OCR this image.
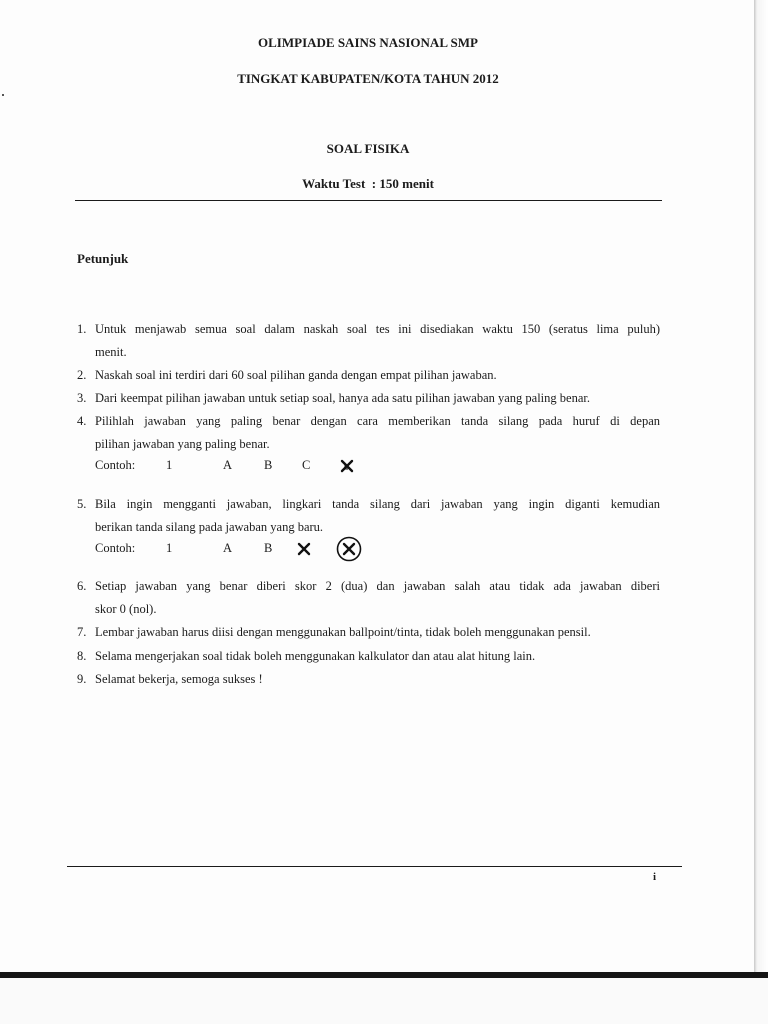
OLIMPIADE SAINS NASIONAL SMP
TINGKAT KABUPATEN/KOTA TAHUN 2012
SOAL FISIKA
Waktu Test  : 150 menit
Petunjuk
1. Untuk menjawab semua soal dalam naskah soal tes ini disediakan waktu 150 (seratus lima puluh)
menit.
2. Naskah soal ini terdiri dari 60 soal pilihan ganda dengan empat pilihan jawaban.
3. Dari keempat pilihan jawaban untuk setiap soal, hanya ada satu pilihan jawaban yang paling benar.
4. Pilihlah jawaban yang paling benar dengan cara memberikan tanda silang pada huruf di depan
pilihan jawaban yang paling benar.
Contoh: 1	A	B C
5. Bila ingin mengganti jawaban, lingkari tanda silang dari jawaban yang ingin diganti kemudian
berikan tanda silang pada jawaban yang baru.
Contoh: 1	A	B
6. Setiap jawaban yang benar diberi skor 2 (dua) dan jawaban salah atau tidak ada jawaban diberi
skor 0 (nol).
7. Lembar jawaban harus diisi dengan menggunakan ballpoint/tinta, tidak boleh menggunakan pensil.
8. Selama mengerjakan soal tidak boleh menggunakan kalkulator dan atau alat hitung lain.
9. Selamat bekerja, semoga sukses !
i
